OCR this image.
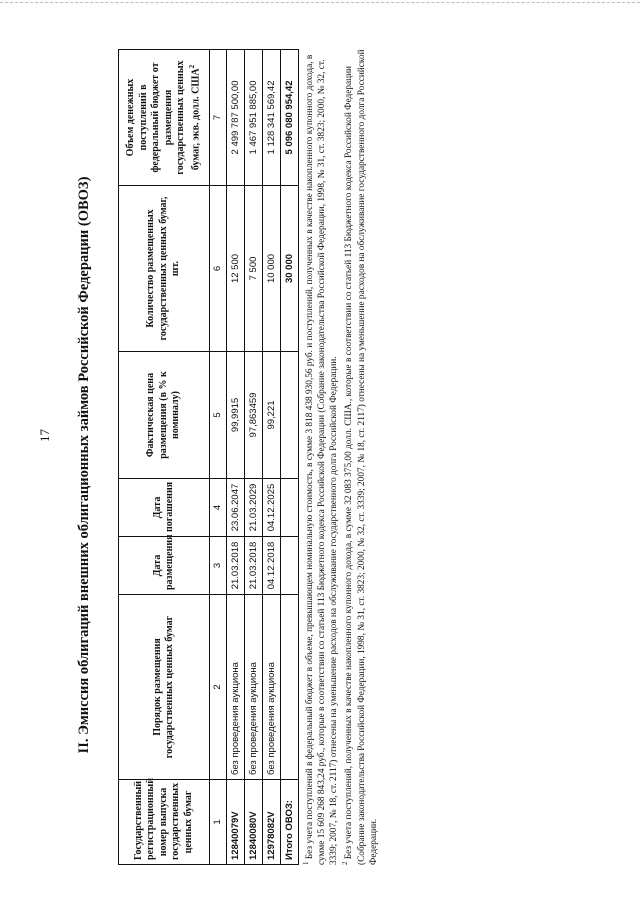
17 II. Эмиссия облигаций внешних облигационных займов Российской Федерации (ОВОЗ)
Государственный регистрационный номер выпуска государственных ценных бумаг	Порядок размещения государственных ценных бумаг	Дата размещения	Дата погашения	Фактическая цена размещения (в % к номиналу)	Количество размещенных государственных ценных бумаг, шт.	Объем денежных поступлений в федеральный бюджет от размещения государственных ценных бумаг, экв. долл. США$^2$
1	2	3	4	5	6	7
12840079V	без проведения аукциона	21.03.2018	23.06.2047	99,9915	12 500	2 499 787 500,00
12840080V	без проведения аукциона	21.03.2018	21.03.2029	97,863459	7 500	1 467 951 885,00
12978082V	без проведения аукциона	04.12.2018	04.12.2025	99,221	10 000	1 128 341 569,42
Итого ОВОЗ:					30 000	5 096 080 954,42

$^1$ Без учета поступлений в федеральный бюджет в объеме, превышающем номинальную стоимость, в сумме 3 818 438 930,56 руб. и поступлений, полученных в качестве накопленного купонного дохода, в сумме 15 609 268 843,24 руб., которые в соответствии со статьей 113 Бюджетного кодекса Российской Федерации (Собрание законодательства Российской Федерации, 1998, № 31, ст. 3823; 2000, № 32, ст. 3339; 2007, № 18, ст. 2117) отнесены на уменьшение расходов на обслуживание государственного долга Российской Федерации. $^2$ Без учета поступлений, полученных в качестве накопленного купонного дохода, в сумме 32 083 375,00 долл. США., которые в соответствии со статьей 113 Бюджетного кодекса Российской Федерации (Собрание законодательства Российской Федерации, 1998, № 31, ст. 3823; 2000, № 32, ст. 3339; 2007, № 18, ст. 2117) отнесены на уменьшение расходов на обслуживание государственного долга Российской Федерации.
